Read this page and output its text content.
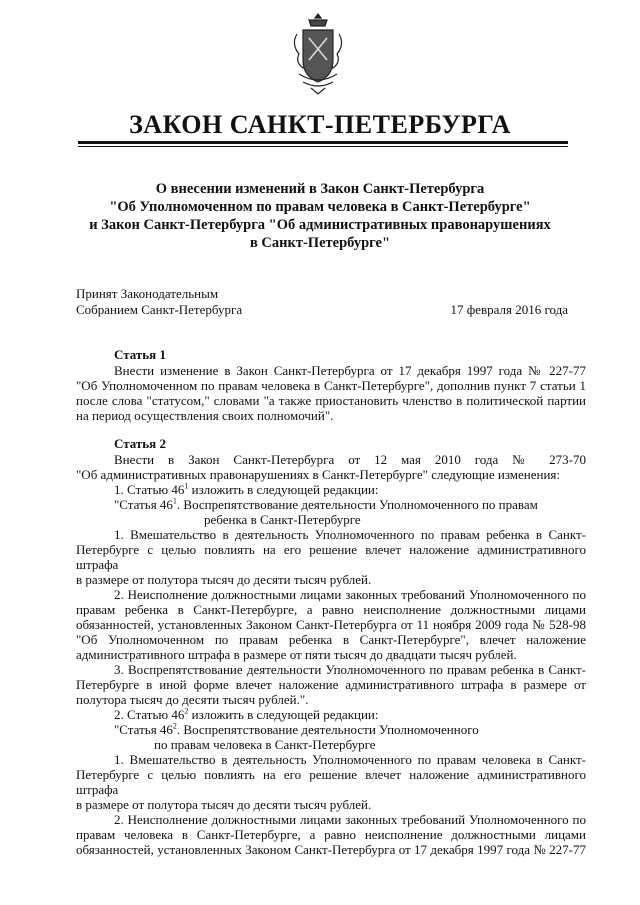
ЗАКОН САНКТ-ПЕТЕРБУРГА
О внесении изменений в Закон Санкт-Петербурга
"Об Уполномоченном по правам человека в Санкт-Петербурге"
и Закон Санкт-Петербурга "Об административных правонарушениях
в Санкт-Петербурге"
Принят Законодательным
Собранием Санкт-Петербурга	17 февраля 2016 года
Статья 1
Внести изменение в Закон Санкт-Петербурга от 17 декабря 1997 года № 227-77
"Об Уполномоченном по правам человека в Санкт-Петербурге", дополнив пункт 7 статьи 1
после слова "статусом," словами "а также приостановить членство в политической партии
на период осуществления своих полномочий".
Статья 2
Внести в Закон Санкт-Петербурга от 12 мая 2010 года № 273-70
"Об административных правонарушениях в Санкт-Петербурге" следующие изменения:
1. Статью $46^1$ изложить в следующей редакции:
"Статья $46^1$. Воспрепятствование деятельности Уполномоченного по правам
ребенка в Санкт-Петербурге
1. Вмешательство в деятельность Уполномоченного по правам ребенка в Санкт-
Петербурге с целью повлиять на его решение влечет наложение административного штрафа
в размере от полутора тысяч до десяти тысяч рублей.
2. Неисполнение должностными лицами законных требований Уполномоченного по
правам ребенка в Санкт-Петербурге, а равно неисполнение должностными лицами
обязанностей, установленных Законом Санкт-Петербурга от 11 ноября 2009 года № 528-98
"Об Уполномоченном по правам ребенка в Санкт-Петербурге", влечет наложение
административного штрафа в размере от пяти тысяч до двадцати тысяч рублей.
3. Воспрепятствование деятельности Уполномоченного по правам ребенка в Санкт-
Петербурге в иной форме влечет наложение административного штрафа в размере от
полутора тысяч до десяти тысяч рублей.".
2. Статью $46^2$ изложить в следующей редакции:
"Статья $46^2$. Воспрепятствование деятельности Уполномоченного
по правам человека в Санкт-Петербурге
1. Вмешательство в деятельность Уполномоченного по правам человека в Санкт-
Петербурге с целью повлиять на его решение влечет наложение административного штрафа
в размере от полутора тысяч до десяти тысяч рублей.
2. Неисполнение должностными лицами законных требований Уполномоченного по
правам человека в Санкт-Петербурге, а равно неисполнение должностными лицами
обязанностей, установленных Законом Санкт-Петербурга от 17 декабря 1997 года № 227-77
